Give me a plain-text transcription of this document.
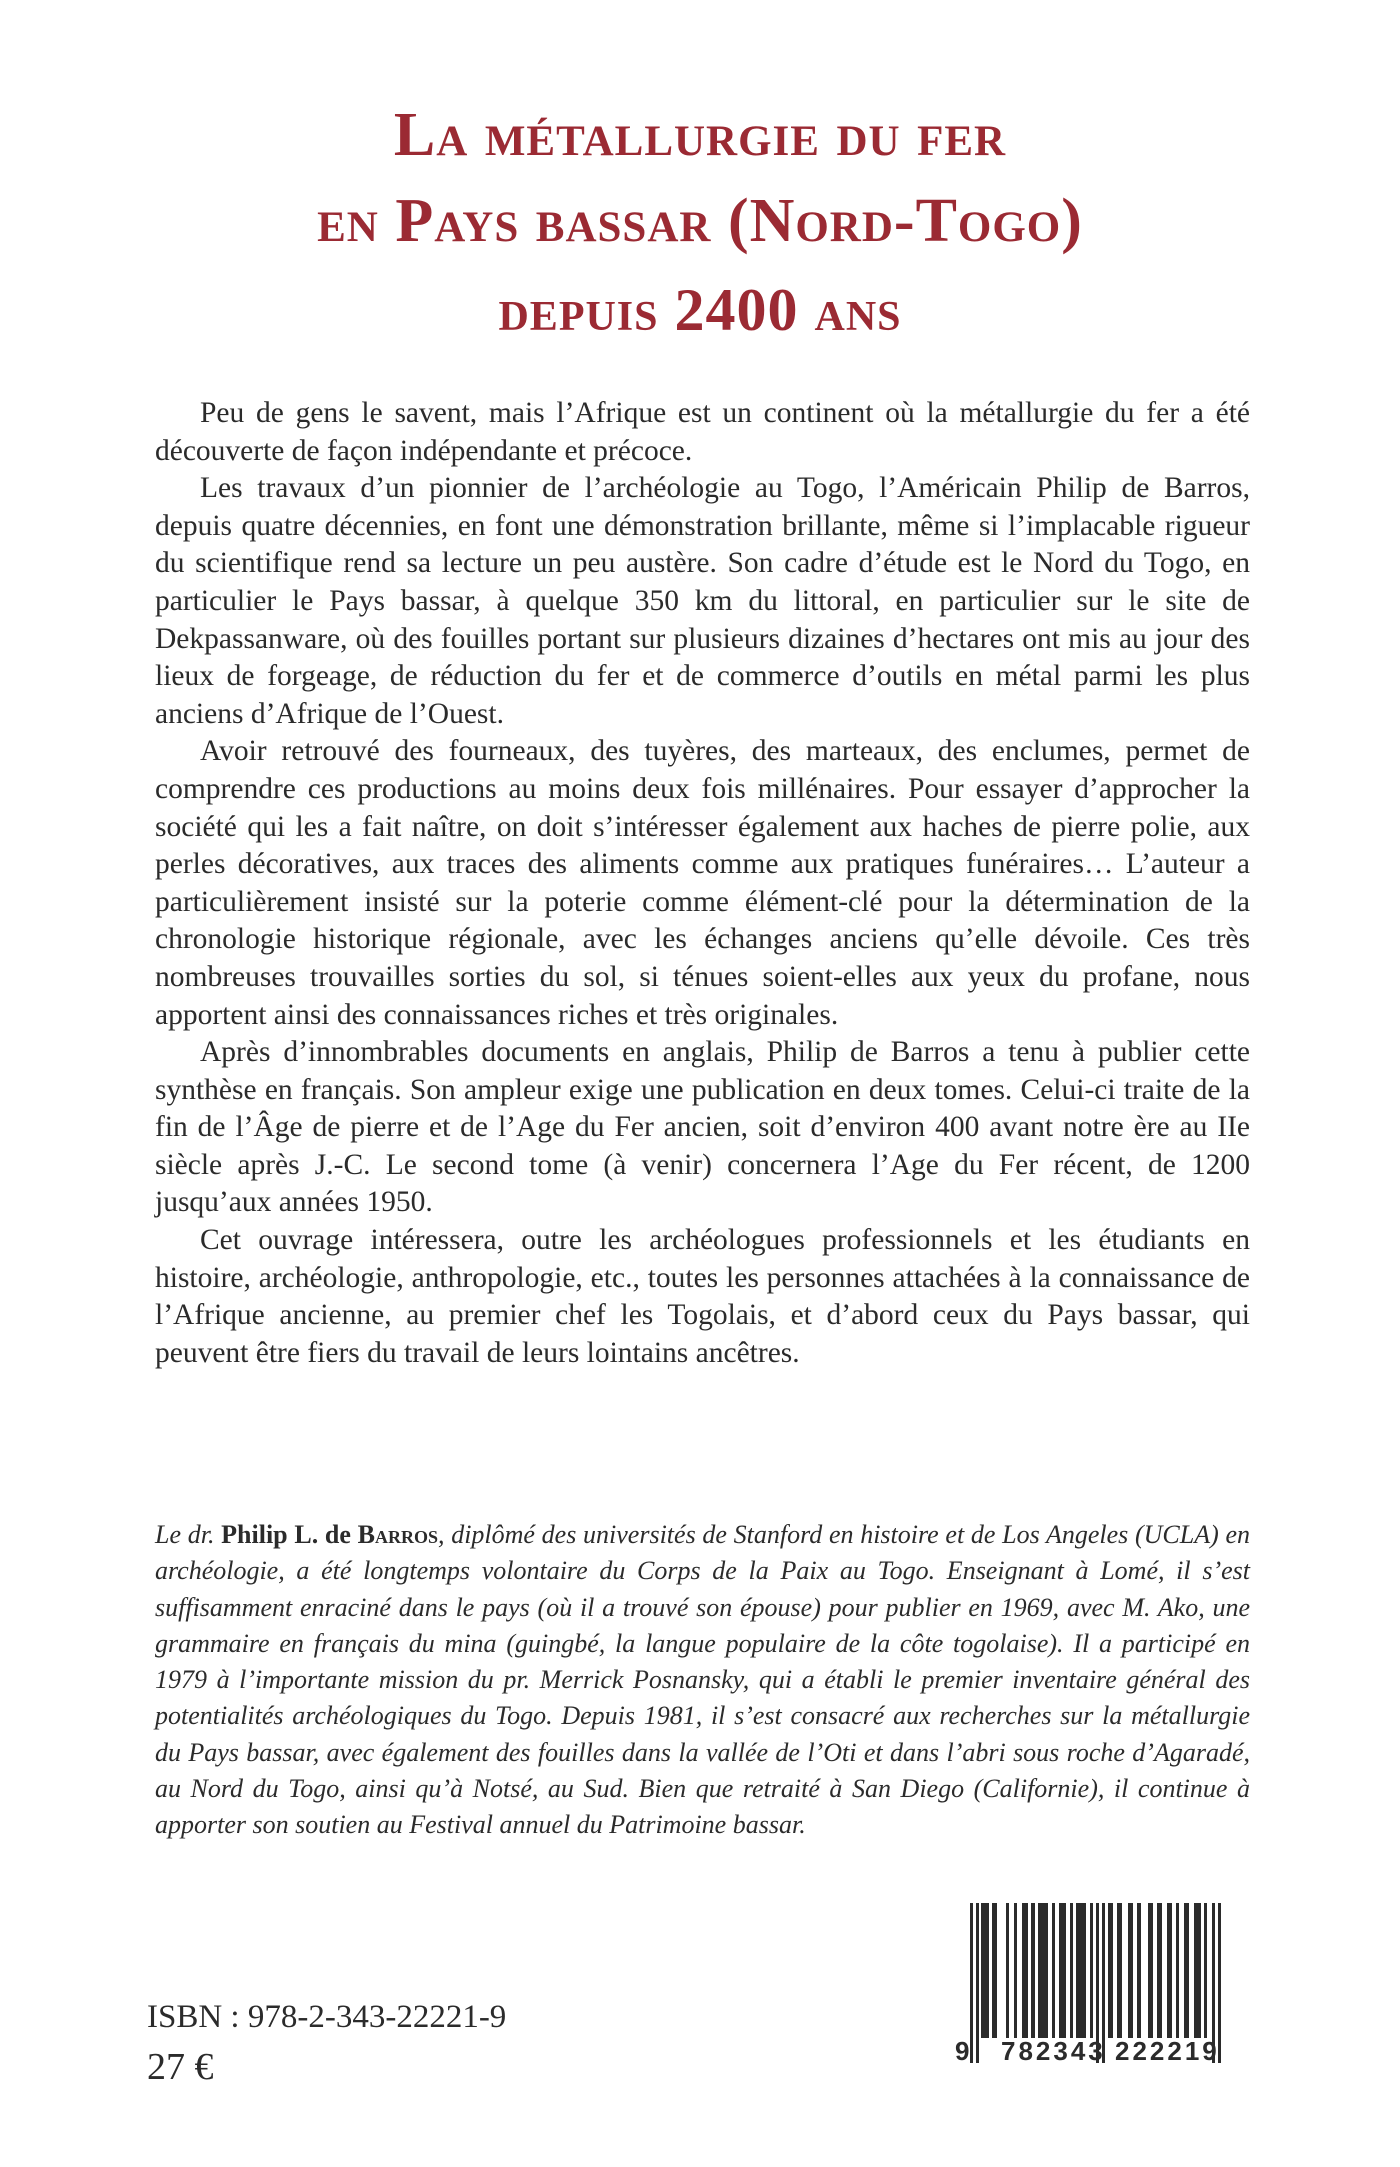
La métallurgie du fer
en Pays bassar (Nord-Togo)
depuis 2400 ans

Peu de gens le savent, mais l’Afrique est un continent où la métallurgie du fer a été découverte de façon indépendante et précoce.

Les travaux d’un pionnier de l’archéologie au Togo, l’Américain Philip de Barros, depuis quatre décennies, en font une démonstration brillante, même si l’implacable rigueur du scientifique rend sa lecture un peu austère. Son cadre d’étude est le Nord du Togo, en particulier le Pays bassar, à quelque 350 km du littoral, en particulier sur le site de Dekpassanware, où des fouilles portant sur plusieurs dizaines d’hectares ont mis au jour des lieux de forgeage, de réduction du fer et de commerce d’outils en métal parmi les plus anciens d’Afrique de l’Ouest.

Avoir retrouvé des fourneaux, des tuyères, des marteaux, des enclumes, permet de comprendre ces productions au moins deux fois millénaires. Pour essayer d’approcher la société qui les a fait naître, on doit s’intéresser également aux haches de pierre polie, aux perles décoratives, aux traces des aliments comme aux pratiques funéraires… L’auteur a particulièrement insisté sur la poterie comme élément-clé pour la détermination de la chronologie historique régionale, avec les échanges anciens qu’elle dévoile. Ces très nombreuses trouvailles sorties du sol, si ténues soient-elles aux yeux du profane, nous apportent ainsi des connaissances riches et très originales.

Après d’innombrables documents en anglais, Philip de Barros a tenu à publier cette synthèse en français. Son ampleur exige une publication en deux tomes. Celui-ci traite de la fin de l’Âge de pierre et de l’Age du Fer ancien, soit d’environ 400 avant notre ère au IIe siècle après J.-C. Le second tome (à venir) concernera l’Age du Fer récent, de 1200 jusqu’aux années 1950.

Cet ouvrage intéressera, outre les archéologues professionnels et les étudiants en histoire, archéologie, anthropologie, etc., toutes les personnes attachées à la connaissance de l’Afrique ancienne, au premier chef les Togolais, et d’abord ceux du Pays bassar, qui peuvent être fiers du travail de leurs lointains ancêtres.

Le dr. Philip L. de Barros, diplômé des universités de Stanford en histoire et de Los Angeles (UCLA) en archéologie, a été longtemps volontaire du Corps de la Paix au Togo. Enseignant à Lomé, il s’est suffisamment enraciné dans le pays (où il a trouvé son épouse) pour publier en 1969, avec M. Ako, une grammaire en français du mina (guingbé, la langue populaire de la côte togolaise). Il a participé en 1979 à l’importante mission du pr. Merrick Posnansky, qui a établi le premier inventaire général des potentialités archéologiques du Togo. Depuis 1981, il s’est consacré aux recherches sur la métallurgie du Pays bassar, avec également des fouilles dans la vallée de l’Oti et dans l’abri sous roche d’Agaradé, au Nord du Togo, ainsi qu’à Notsé, au Sud. Bien que retraité à San Diego (Californie), il continue à apporter son soutien au Festival annuel du Patrimoine bassar.

ISBN : 978-2-343-22221-9
27 €	9 782343 222219
